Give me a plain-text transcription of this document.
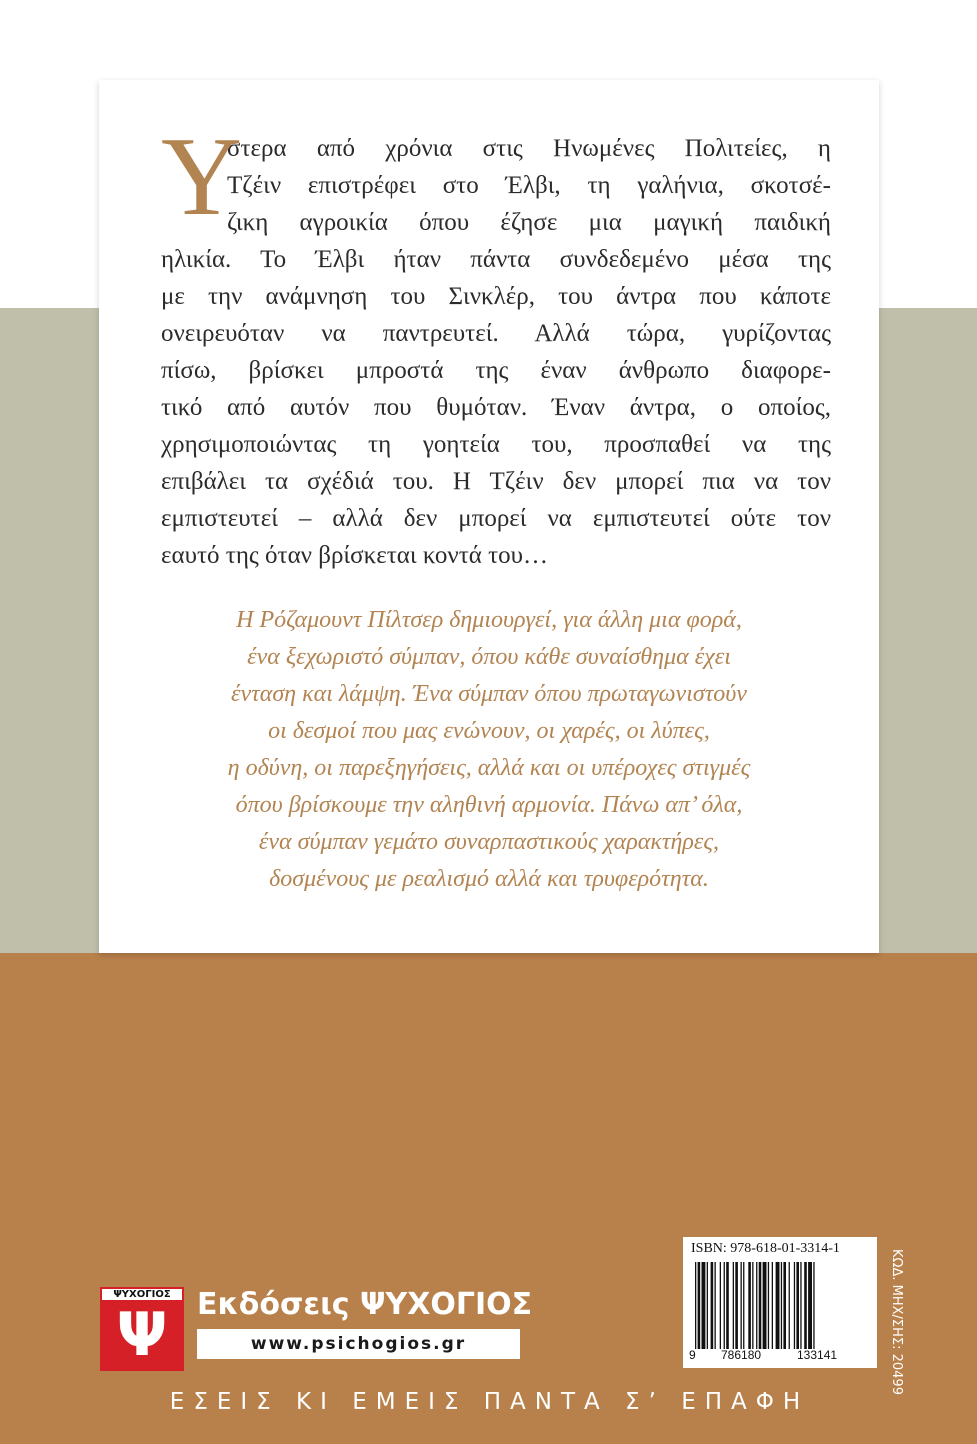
Υ
στερα από χρόνια στις Ηνωμένες Πολιτείες, η
Τζέιν επιστρέφει στο Έλβι, τη γαλήνια, σκοτσέ-
ζικη αγροικία όπου έζησε μια μαγική παιδική
ηλικία. Το Έλβι ήταν πάντα συνδεδεμένο μέσα της
με την ανάμνηση του Σινκλέρ, του άντρα που κάποτε
ονειρευόταν να παντρευτεί. Αλλά τώρα, γυρίζοντας
πίσω, βρίσκει μπροστά της έναν άνθρωπο διαφορε-
τικό από αυτόν που θυμόταν. Έναν άντρα, ο οποίος,
χρησιμοποιώντας τη γοητεία του, προσπαθεί να της
επιβάλει τα σχέδιά του. Η Τζέιν δεν μπορεί πια να τον
εμπιστευτεί – αλλά δεν μπορεί να εμπιστευτεί ούτε τον
εαυτό της όταν βρίσκεται κοντά του…
Η Ρόζαμουντ Πίλτσερ δημιουργεί, για άλλη μια φορά,
ένα ξεχωριστό σύμπαν, όπου κάθε συναίσθημα έχει
ένταση και λάμψη. Ένα σύμπαν όπου πρωταγωνιστούν
οι δεσμοί που μας ενώνουν, οι χαρές, οι λύπες,
η οδύνη, οι παρεξηγήσεις, αλλά και οι υπέροχες στιγμές
όπου βρίσκουμε την αληθινή αρμονία. Πάνω απ’ όλα,
ένα σύμπαν γεμάτο συναρπαστικούς χαρακτήρες,
δοσμένους με ρεαλισμό αλλά και τρυφερότητα.
ΨΥΧΟΓΙΟΣ
Ψ Εκδόσεις ΨΥΧΟΓΙΟΣ
www.psichogios.gr
ISBN: 978-618-01-3314-1
9 786180	133141	ΚΩΔ. ΜΗΧ/ΣΗΣ: 20499
ΕΣΕΙΣ ΚΙ ΕΜΕΙΣ ΠΑΝΤΑ Σ’ ΕΠΑΦΗ
